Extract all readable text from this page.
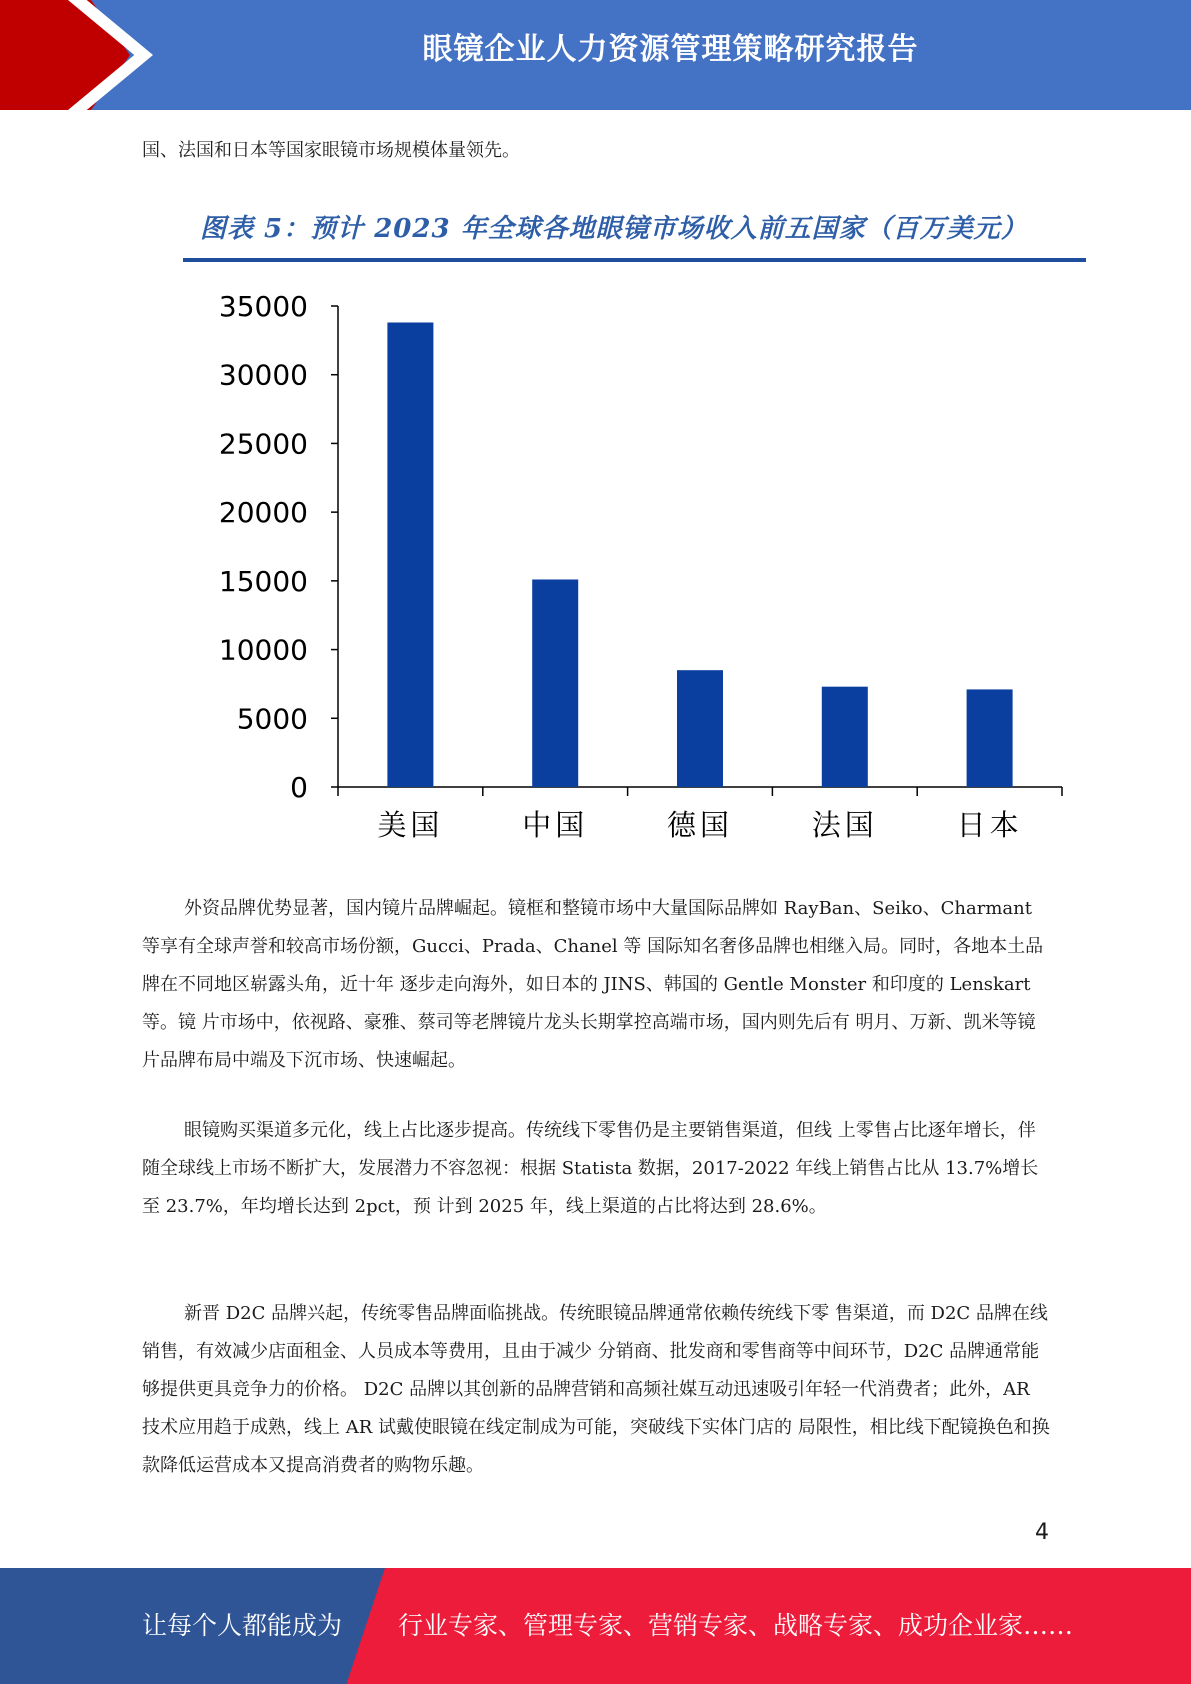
眼镜企业人力资源管理策略研究报告

国、法国和日本等国家眼镜市场规模体量领先。

图表 5：预计 2023 年全球各地眼镜市场收入前五国家（百万美元）
0
5000
10000
15000
20000
25000
30000
35000
美国	中国	德国	法国	日本

外资品牌优势显著，国内镜片品牌崛起。镜框和整镜市场中大量国际品牌如 RayBan、Seiko、Charmant 等享有全球声誉和较高市场份额，Gucci、Prada、Chanel 等 国际知名奢侈品牌也相继入局。同时，各地本土品牌在不同地区崭露头角，近十年 逐步走向海外，如日本的 JINS、韩国的 Gentle Monster 和印度的 Lenskart 等。镜 片市场中，依视路、豪雅、蔡司等老牌镜片龙头长期掌控高端市场，国内则先后有 明月、万新、凯米等镜片品牌布局中端及下沉市场、快速崛起。

眼镜购买渠道多元化，线上占比逐步提高。传统线下零售仍是主要销售渠道，但线 上零售占比逐年增长，伴随全球线上市场不断扩大，发展潜力不容忽视：根据 Statista 数据，2017-2022 年线上销售占比从 13.7%增长至 23.7%，年均增长达到 2pct，预 计到 2025 年，线上渠道的占比将达到 28.6%。

新晋 D2C 品牌兴起，传统零售品牌面临挑战。传统眼镜品牌通常依赖传统线下零 售渠道，而 D2C 品牌在线销售，有效减少店面租金、人员成本等费用，且由于减少 分销商、批发商和零售商等中间环节，D2C 品牌通常能够提供更具竞争力的价格。 D2C 品牌以其创新的品牌营销和高频社媒互动迅速吸引年轻一代消费者；此外，AR 技术应用趋于成熟，线上 AR 试戴使眼镜在线定制成为可能，突破线下实体门店的 局限性，相比线下配镜换色和换款降低运营成本又提高消费者的购物乐趣。

4
让每个人都能成为 行业专家、管理专家、营销专家、战略专家、成功企业家……
